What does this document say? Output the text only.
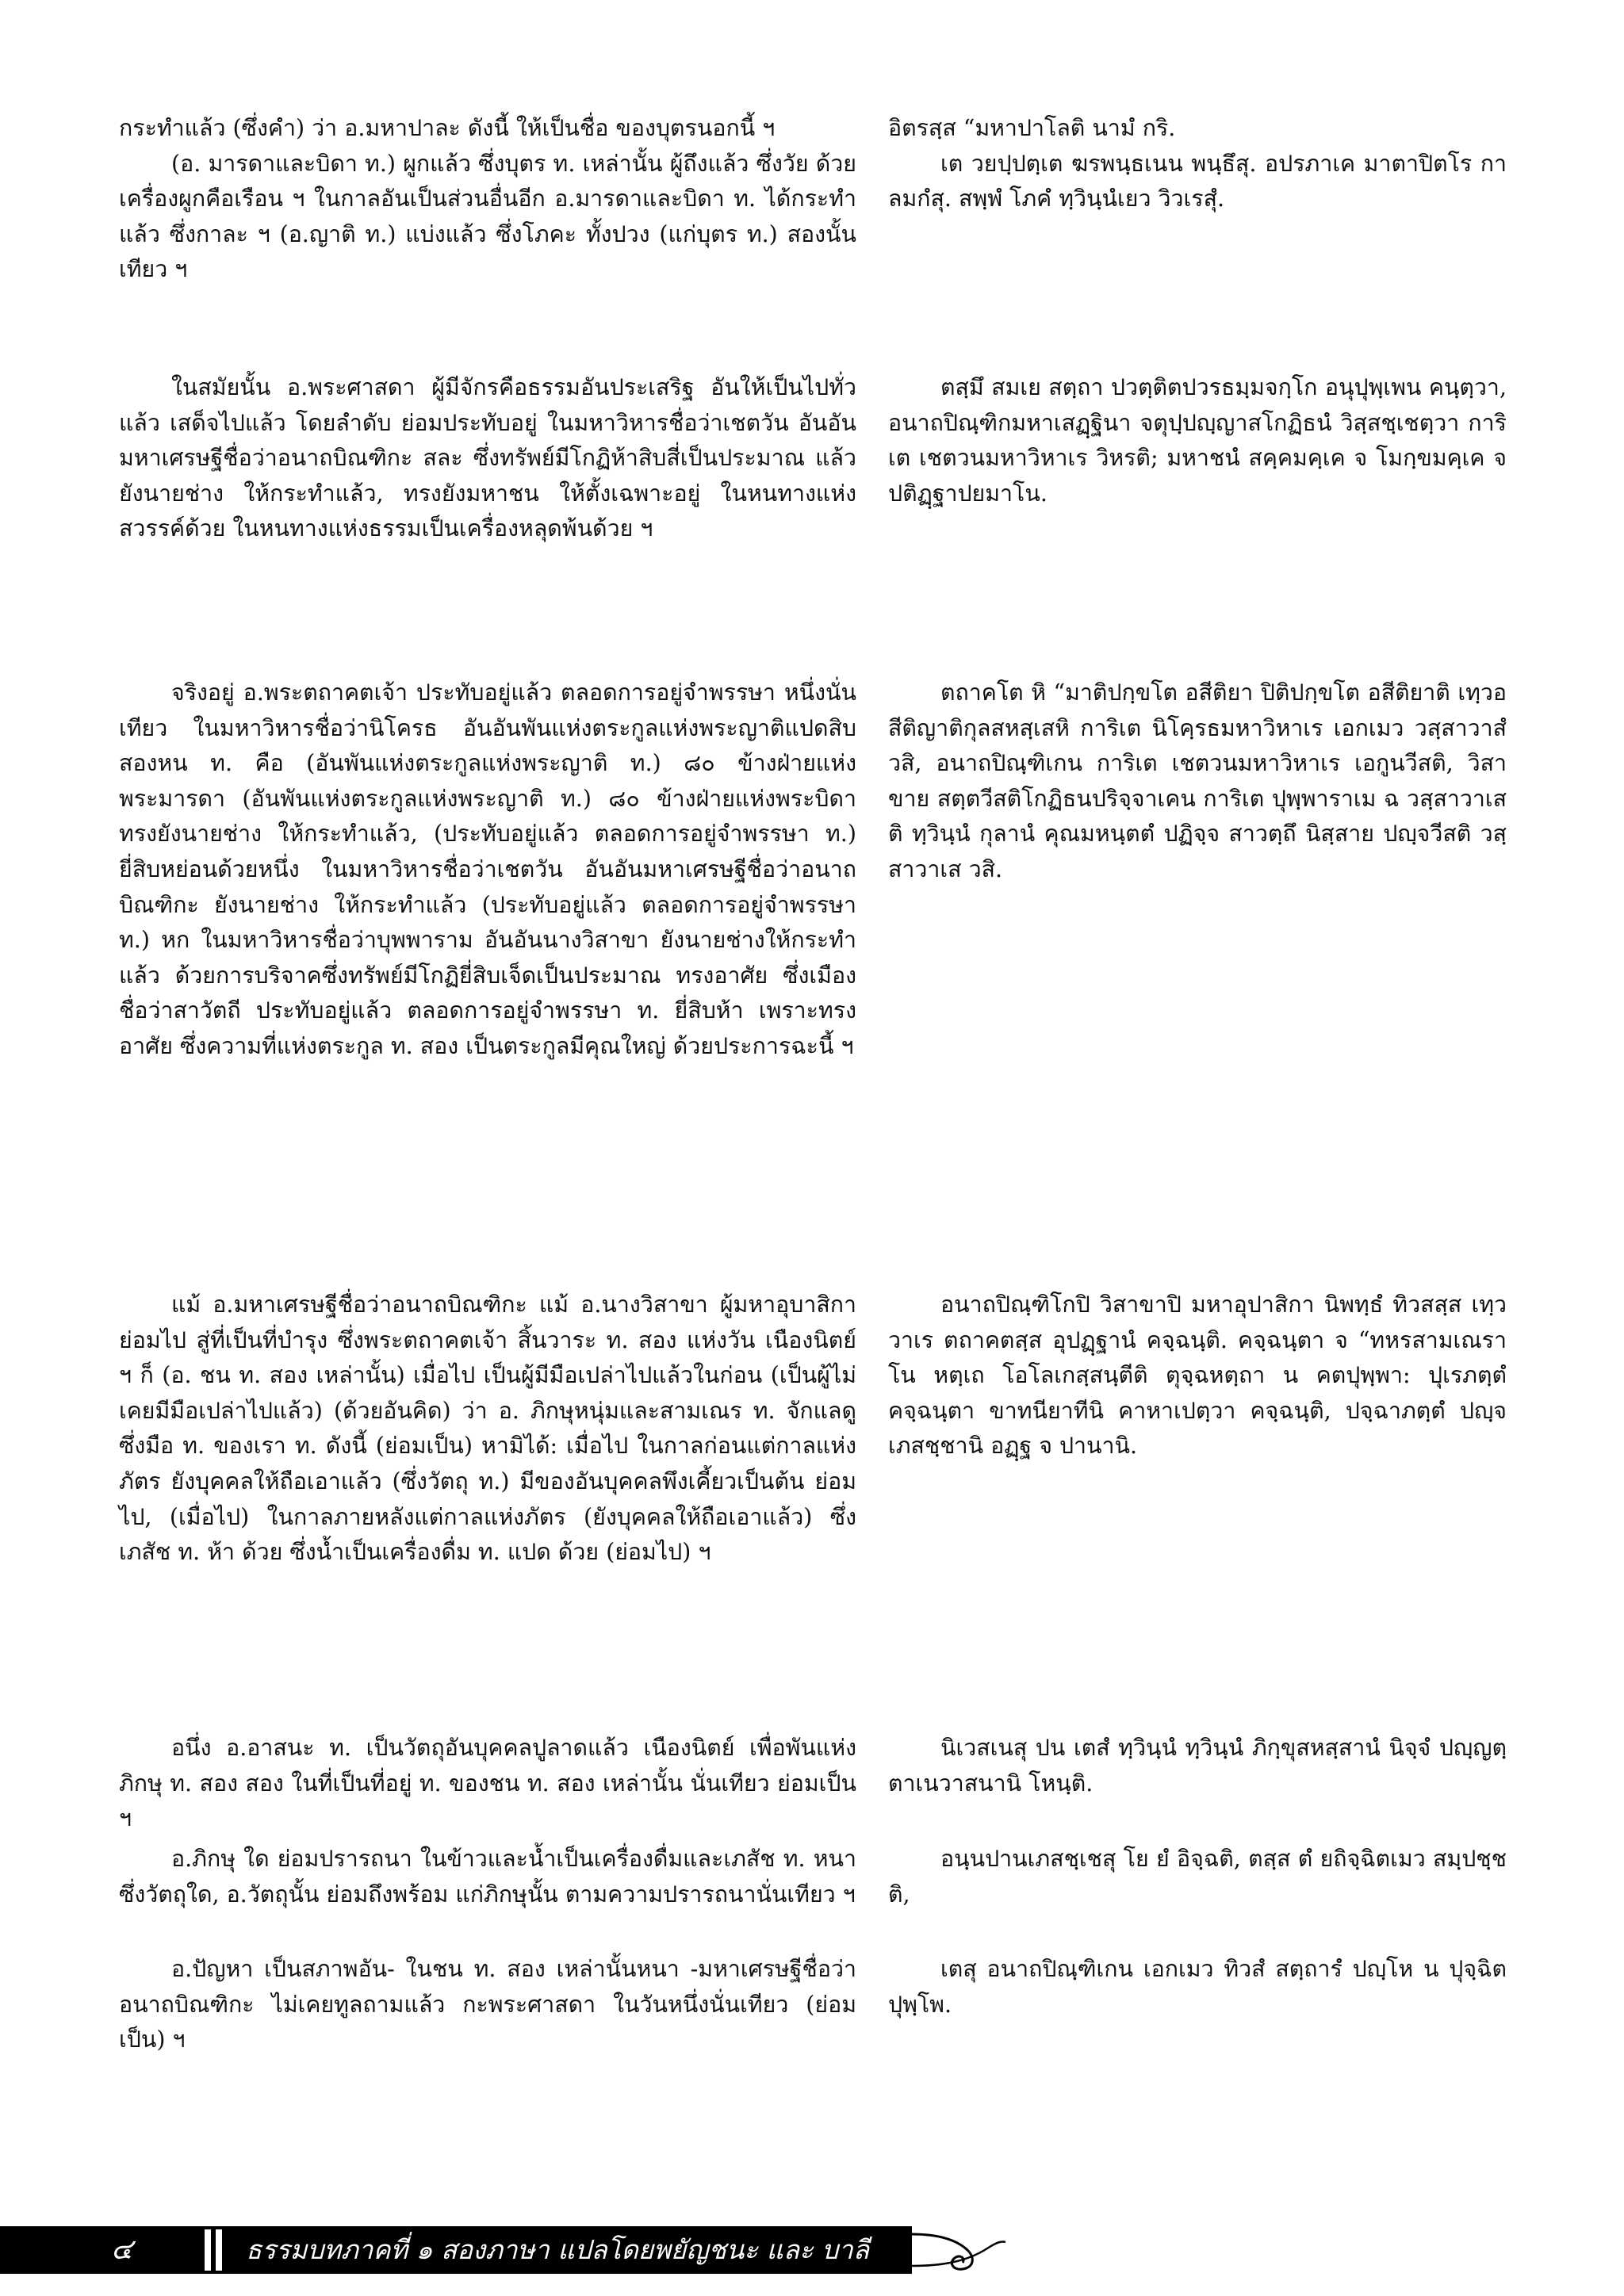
กระทำแล้ว (ซึ่งคำ) ว่า อ.มหาปาละ ดังนี้ ให้เป็นชื่อ ของบุตรนอกนี้ ฯ

(อ. มารดาและบิดา ท.) ผูกแล้ว ซึ่งบุตร ท. เหล่านั้น ผู้ถึงแล้ว ซึ่งวัย ด้วยเครื่องผูกคือเรือน ฯ ในกาลอันเป็นส่วนอื่นอีก อ.มารดาและบิดา ท. ได้กระทำแล้ว ซึ่งกาละ ฯ (อ.ญาติ ท.) แบ่งแล้ว ซึ่งโภคะ ทั้งปวง (แก่บุตร ท.) สองนั้นเทียว ฯ

อิตรสฺส “มหาปาโลติ นามํ กริ.

เต วยปฺปตฺเต ฆรพนฺธเนน พนฺธึสุ. อปรภาเค มาตาปิตโร กาลมกํสุ. สพฺพํ โภคํ ทฺวินฺนํเยว วิวเรสุํ.

ในสมัยนั้น อ.พระศาสดา ผู้มีจักรคือธรรมอันประเสริฐ อันให้เป็นไปทั่วแล้ว เสด็จไปแล้ว โดยลำดับ ย่อมประทับอยู่ ในมหาวิหารชื่อว่าเชตวัน อันอันมหาเศรษฐีชื่อว่าอนาถบิณฑิกะ สละ ซึ่งทรัพย์มีโกฏิห้าสิบสี่เป็นประมาณ แล้วยังนายช่าง ให้กระทำแล้ว, ทรงยังมหาชน ให้ตั้งเฉพาะอยู่ ในหนทางแห่งสวรรค์ด้วย ในหนทางแห่งธรรมเป็นเครื่องหลุดพ้นด้วย ฯ

ตสฺมึ สมเย สตฺถา ปวตฺติตปวรธมฺมจกฺโก อนุปุพฺเพน คนฺตฺวา, อนาถปิณฺฑิกมหาเสฏฺฐินา จตุปฺปญฺญาสโกฏิธนํ วิสฺสชฺเชตฺวา การิเต เชตวนมหาวิหาเร วิหรติ; มหาชนํ สคฺคมคฺเค จ โมกฺขมคฺเค จ ปติฏฺฐาปยมาโน.

จริงอยู่ อ.พระตถาคตเจ้า ประทับอยู่แล้ว ตลอดการอยู่จำพรรษา หนึ่งนั่นเทียว ในมหาวิหารชื่อว่านิโครธ อันอันพันแห่งตระกูลแห่งพระญาติแปดสิบสองหน ท. คือ (อันพันแห่งตระกูลแห่งพระญาติ ท.) ๘๐ ข้างฝ่ายแห่งพระมารดา (อันพันแห่งตระกูลแห่งพระญาติ ท.) ๘๐ ข้างฝ่ายแห่งพระบิดา ทรงยังนายช่าง ให้กระทำแล้ว, (ประทับอยู่แล้ว ตลอดการอยู่จำพรรษา ท.) ยี่สิบหย่อนด้วยหนึ่ง ในมหาวิหารชื่อว่าเชตวัน อันอันมหาเศรษฐีชื่อว่าอนาถบิณฑิกะ ยังนายช่าง ให้กระทำแล้ว (ประทับอยู่แล้ว ตลอดการอยู่จำพรรษา ท.) หก ในมหาวิหารชื่อว่าบุพพาราม อันอันนางวิสาขา ยังนายช่างให้กระทำแล้ว ด้วยการบริจาคซึ่งทรัพย์มีโกฏิยี่สิบเจ็ดเป็นประมาณ ทรงอาศัย ซึ่งเมืองชื่อว่าสาวัตถี ประทับอยู่แล้ว ตลอดการอยู่จำพรรษา ท. ยี่สิบห้า เพราะทรงอาศัย ซึ่งความที่แห่งตระกูล ท. สอง เป็นตระกูลมีคุณใหญ่ ด้วยประการฉะนี้ ฯ

ตถาคโต หิ “มาติปกฺขโต อสีติยา ปิติปกฺขโต อสีติยาติ เทฺวอสีติญาติกุลสหสฺเสหิ การิเต นิโคฺรธมหาวิหาเร เอกเมว วสฺสาวาสํ วสิ, อนาถปิณฺฑิเกน การิเต เชตวนมหาวิหาเร เอกูนวีสติ, วิสาขาย สตฺตวีสติโกฏิธนปริจฺจาเคน การิเต ปุพฺพาราเม ฉ วสฺสาวาเสติ ทฺวินฺนํ กุลานํ คุณมหนฺตตํ ปฏิจฺจ สาวตฺถึ นิสฺสาย ปญฺจวีสติ วสฺสาวาเส วสิ.

แม้ อ.มหาเศรษฐีชื่อว่าอนาถบิณฑิกะ แม้ อ.นางวิสาขา ผู้มหาอุบาสิกา ย่อมไป สู่ที่เป็นที่บำรุง ซึ่งพระตถาคตเจ้า สิ้นวาระ ท. สอง แห่งวัน เนืองนิตย์ ฯ ก็ (อ. ชน ท. สอง เหล่านั้น) เมื่อไป เป็นผู้มีมือเปล่าไปแล้วในก่อน (เป็นผู้ไม่เคยมีมือเปล่าไปแล้ว) (ด้วยอันคิด) ว่า อ. ภิกษุหนุ่มและสามเณร ท. จักแลดู ซึ่งมือ ท. ของเรา ท. ดังนี้ (ย่อมเป็น) หามิได้: เมื่อไป ในกาลก่อนแต่กาลแห่งภัตร ยังบุคคลให้ถือเอาแล้ว (ซึ่งวัตถุ ท.) มีของอันบุคคลพึงเคี้ยวเป็นต้น ย่อมไป, (เมื่อไป) ในกาลภายหลังแต่กาลแห่งภัตร (ยังบุคคลให้ถือเอาแล้ว) ซึ่งเภสัช ท. ห้า ด้วย ซึ่งน้ำเป็นเครื่องดื่ม ท. แปด ด้วย (ย่อมไป) ฯ

อนาถปิณฺฑิโกปิ วิสาขาปิ มหาอุปาสิกา นิพทฺธํ ทิวสสฺส เทฺว วาเร ตถาคตสฺส อุปฏฺฐานํ คจฺฉนฺติ. คจฺฉนฺตา จ “ทหรสามเณรา โน หตฺเถ โอโลเกสฺสนฺตีติ ตุจฺฉหตฺถา น คตปุพฺพา: ปุเรภตฺตํ คจฺฉนฺตา ขาทนียาทีนิ คาหาเปตฺวา คจฺฉนฺติ, ปจฺฉาภตฺตํ ปญฺจ เภสชฺชานิ อฏฺฐ จ ปานานิ.

อนึ่ง อ.อาสนะ ท. เป็นวัตถุอันบุคคลปูลาดแล้ว เนืองนิตย์ เพื่อพันแห่งภิกษุ ท. สอง สอง ในที่เป็นที่อยู่ ท. ของชน ท. สอง เหล่านั้น นั่นเทียว ย่อมเป็น ฯ

นิเวสเนสุ ปน เตสํ ทฺวินฺนํ ทฺวินฺนํ ภิกฺขุสหสฺสานํ นิจฺจํ ปญฺญตฺตาเนวาสนานิ โหนฺติ.

อ.ภิกษุ ใด ย่อมปรารถนา ในข้าวและน้ำเป็นเครื่องดื่มและเภสัช ท. หนา ซึ่งวัตถุใด, อ.วัตถุนั้น ย่อมถึงพร้อม แก่ภิกษุนั้น ตามความปรารถนานั่นเทียว ฯ

อนฺนปานเภสชฺเชสุ โย ยํ อิจฺฉติ, ตสฺส ตํ ยถิจฺฉิตเมว สมฺปชฺชติ,

อ.ปัญหา เป็นสภาพอัน- ในชน ท. สอง เหล่านั้นหนา -มหาเศรษฐีชื่อว่าอนาถบิณฑิกะ ไม่เคยทูลถามแล้ว กะพระศาสดา ในวันหนึ่งนั่นเทียว (ย่อมเป็น) ฯ

เตสุ อนาถปิณฺฑิเกน เอกเมว ทิวสํ สตฺถารํ ปญฺโห น ปุจฺฉิตปุพฺโพ.

๔	ธรรมบทภาคที่ ๑ สองภาษา แปลโดยพยัญชนะ และ บาลี
